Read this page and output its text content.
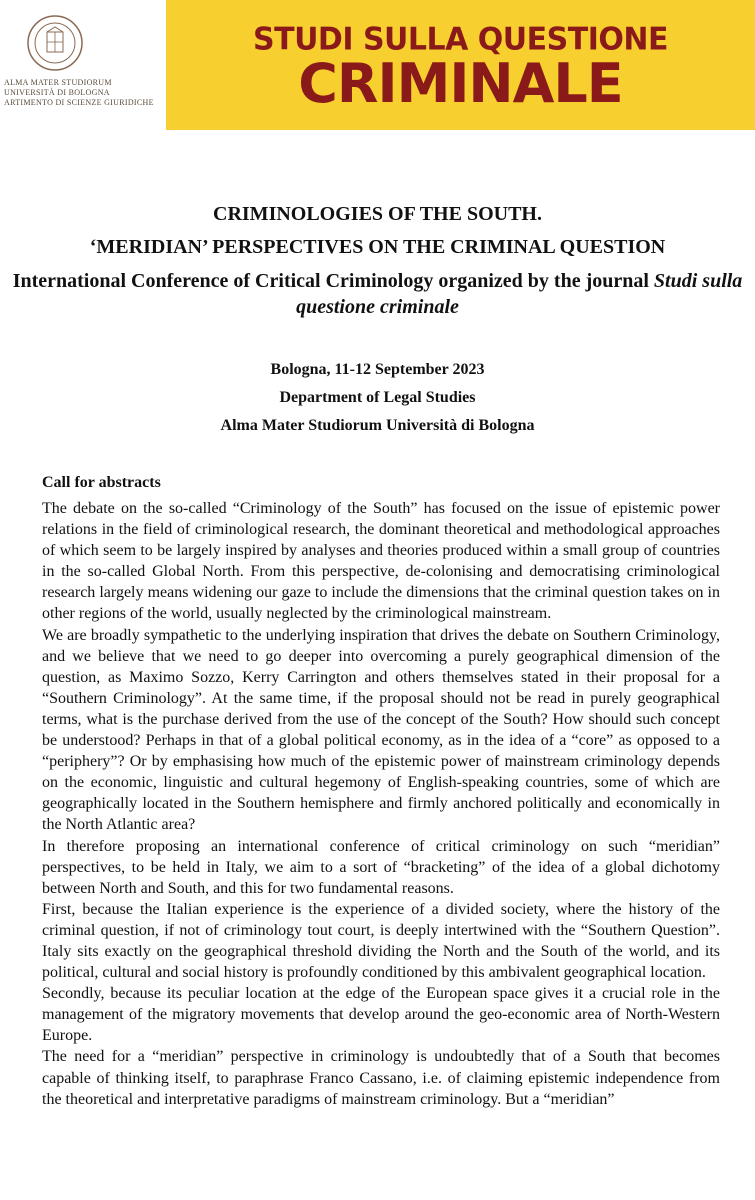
ALMA MATER STUDIORUM
UNIVERSITÀ DI BOLOGNA
ARTIMENTO DI SCIENZE GIURIDICHE
STUDI SULLA QUESTIONE
CRIMINALE
CRIMINOLOGIES OF THE SOUTH.
‘MERIDIAN’ PERSPECTIVES ON THE CRIMINAL QUESTION
International Conference of Critical Criminology organized by the journal Studi sulla questione criminale
Bologna, 11-12 September 2023
Department of Legal Studies
Alma Mater Studiorum Università di Bologna
Call for abstracts

The debate on the so-called “Criminology of the South” has focused on the issue of epistemic power relations in the field of criminological research, the dominant theoretical and methodological approaches of which seem to be largely inspired by analyses and theories produced within a small group of countries in the so-called Global North. From this perspective, de-colonising and democratising criminological research largely means widening our gaze to include the dimensions that the criminal question takes on in other regions of the world, usually neglected by the criminological mainstream.

We are broadly sympathetic to the underlying inspiration that drives the debate on Southern Criminology, and we believe that we need to go deeper into overcoming a purely geographical dimension of the question, as Maximo Sozzo, Kerry Carrington and others themselves stated in their proposal for a “Southern Criminology”. At the same time, if the proposal should not be read in purely geographical terms, what is the purchase derived from the use of the concept of the South? How should such concept be understood? Perhaps in that of a global political economy, as in the idea of a “core” as opposed to a “periphery”? Or by emphasising how much of the epistemic power of mainstream criminology depends on the economic, linguistic and cultural hegemony of English-speaking countries, some of which are geographically located in the Southern hemisphere and firmly anchored politically and economically in the North Atlantic area?

In therefore proposing an international conference of critical criminology on such “meridian” perspectives, to be held in Italy, we aim to a sort of “bracketing” of the idea of a global dichotomy between North and South, and this for two fundamental reasons.

First, because the Italian experience is the experience of a divided society, where the history of the criminal question, if not of criminology tout court, is deeply intertwined with the “Southern Question”. Italy sits exactly on the geographical threshold dividing the North and the South of the world, and its political, cultural and social history is profoundly conditioned by this ambivalent geographical location.

Secondly, because its peculiar location at the edge of the European space gives it a crucial role in the management of the migratory movements that develop around the geo-economic area of North-Western Europe.

The need for a “meridian” perspective in criminology is undoubtedly that of a South that becomes capable of thinking itself, to paraphrase Franco Cassano, i.e. of claiming epistemic independence from the theoretical and interpretative paradigms of mainstream criminology. But a “meridian”
